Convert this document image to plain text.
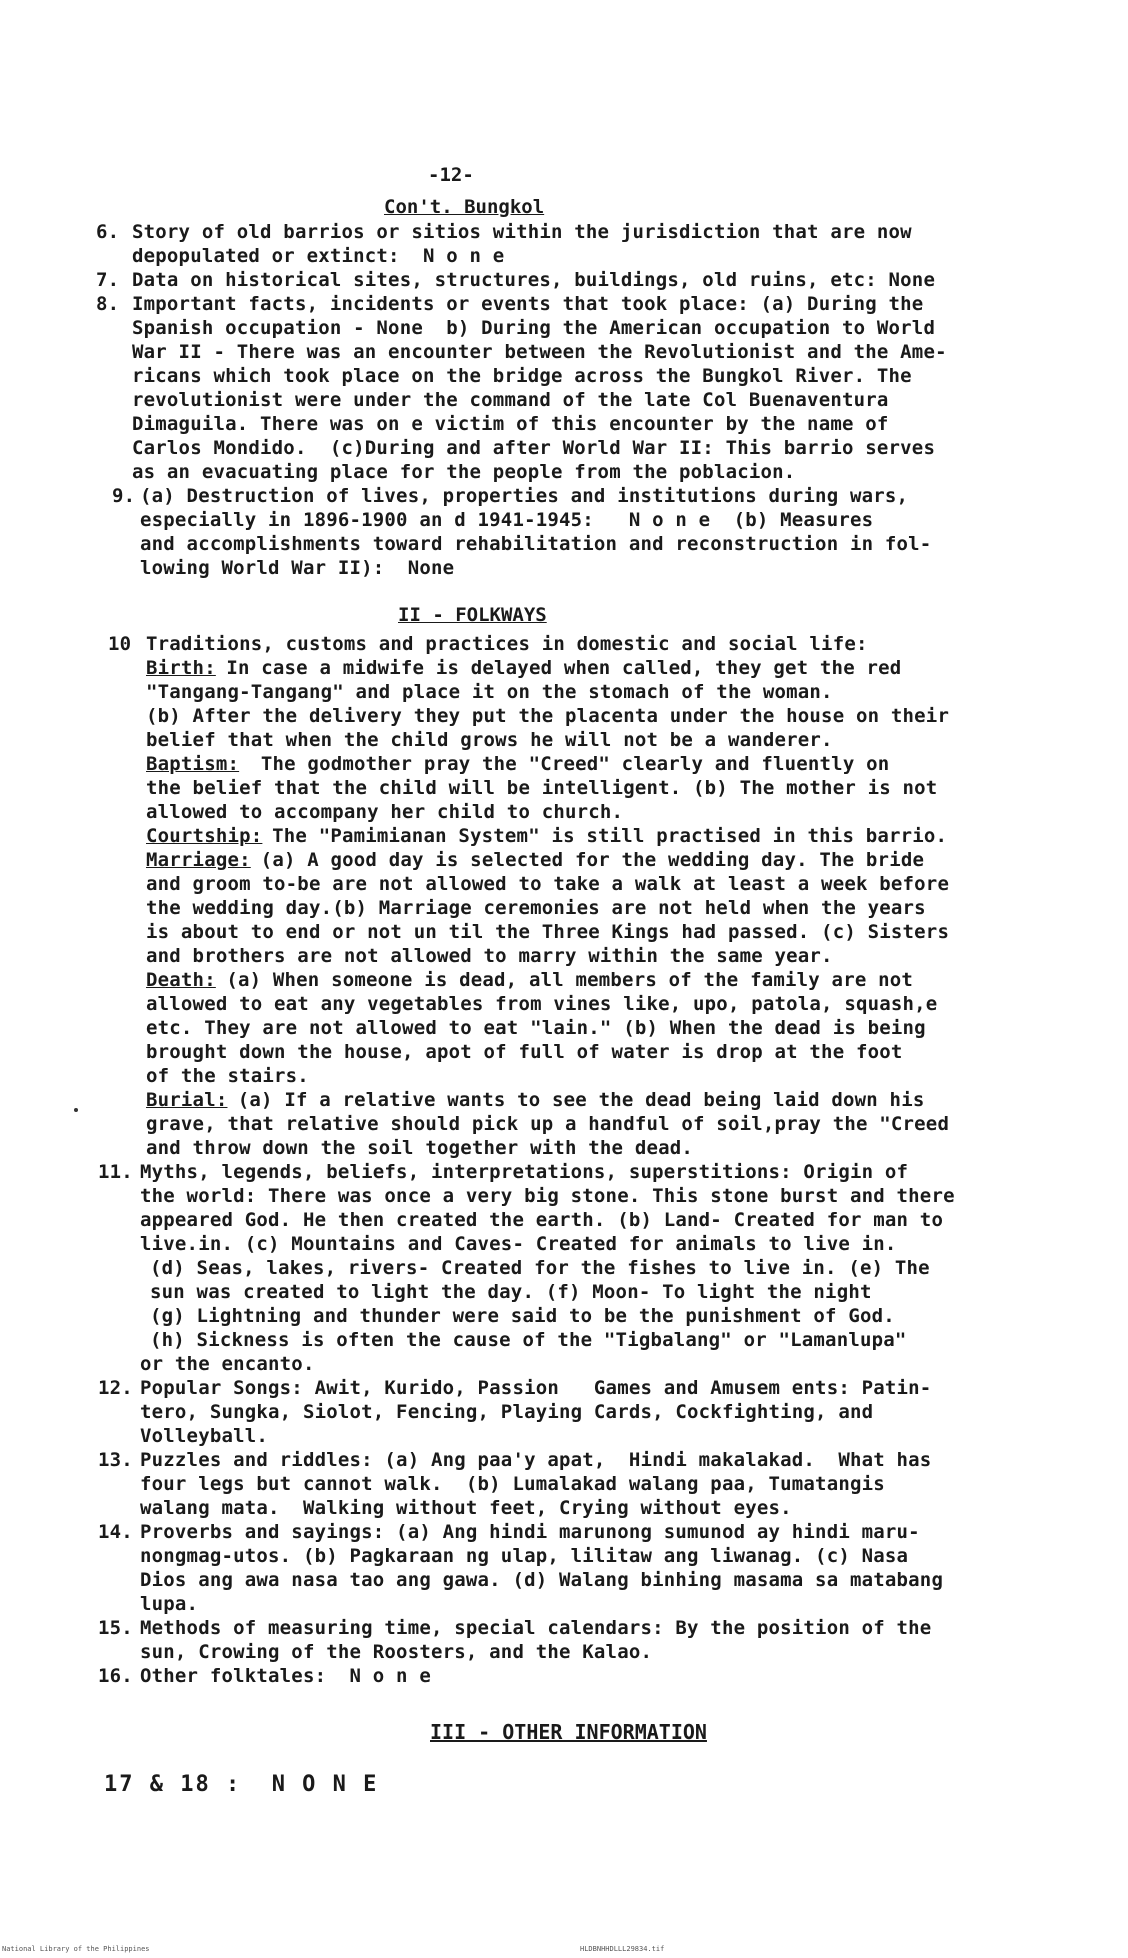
-12-
Con't. Bungkol
6. Story of old barrios or sitios within the jurisdiction that are now
depopulated or extinct:  N o n e
7. Data on historical sites, structures, buildings, old ruins, etc: None
8. Important facts, incidents or events that took place: (a) During the
Spanish occupation - None  b) During the American occupation to World
War II - There was an encounter between the Revolutionist and the Ame-
ricans which took place on the bridge across the Bungkol River. The
revolutionist were under the command of the late Col Buenaventura
Dimaguila. There was on e victim of this encounter by the name of
Carlos Mondido.  (c)During and after World War II: This barrio serves
as an evacuating place for the people from the poblacion.
9. (a) Destruction of lives, properties and institutions during wars,
especially in 1896-1900 an d 1941-1945:   N o n e  (b) Measures
and accomplishments toward rehabilitation and reconstruction in fol-
lowing World War II):  None
II - FOLKWAYS
10 Traditions, customs and practices in domestic and social life:
Birth:
In case a midwife is delayed when called, they get the red
"Tangang-Tangang" and place it on the stomach of the woman.
(b) After the delivery they put the placenta under the house on their
belief that when the child grows he will not be a wanderer.
Baptism:
The godmother pray the "Creed" clearly and fluently on
the belief that the child will be intelligent. (b) The mother is not
allowed to accompany her child to church.
Courtship:
The "Pamimianan System" is still practised in this barrio.
Marriage:
(a) A good day is selected for the wedding day. The bride
and groom to-be are not allowed to take a walk at least a week before
the wedding day.(b) Marriage ceremonies are not held when the years
is about to end or not un til the Three Kings had passed. (c) Sisters
and brothers are not allowed to marry within the same year.
Death:
(a) When someone is dead, all members of the family are not
allowed to eat any vegetables from vines like, upo, patola, squash,e
etc. They are not allowed to eat "lain." (b) When the dead is being
brought down the house, apot of full of water is drop at the foot
of the stairs.
Burial:
(a) If a relative wants to see the dead being laid down his
grave, that relative should pick up a handful of soil,pray the "Creed
and throw down the soil together with the dead.
11. Myths, legends, beliefs, interpretations, superstitions: Origin of
the world: There was once a very big stone. This stone burst and there
appeared God. He then created the earth. (b) Land- Created for man to
live.in. (c) Mountains and Caves- Created for animals to live in.
(d) Seas, lakes, rivers- Created for the fishes to live in. (e) The
sun was created to light the day. (f) Moon- To light the night
(g) Lightning and thunder were said to be the punishment of God.
(h) Sickness is often the cause of the "Tigbalang" or "Lamanlupa"
or the encanto.
12. Popular Songs: Awit, Kurido, Passion   Games and Amusem ents: Patin-
tero, Sungka, Siolot, Fencing, Playing Cards, Cockfighting, and
Volleyball.
13. Puzzles and riddles: (a) Ang paa'y apat,  Hindi makalakad.  What has
four legs but cannot walk.  (b) Lumalakad walang paa, Tumatangis
walang mata.  Walking without feet, Crying without eyes.
14. Proverbs and sayings: (a) Ang hindi marunong sumunod ay hindi maru-
nongmag-utos. (b) Pagkaraan ng ulap, lilitaw ang liwanag. (c) Nasa
Dios ang awa nasa tao ang gawa. (d) Walang binhing masama sa matabang
lupa.
15. Methods of measuring time, special calendars: By the position of the
sun, Crowing of the Roosters, and the Kalao.
16. Other folktales:  N o n e
III - OTHER INFORMATION
17 & 18 :  N O N E
National Library of the Philippines	HLDBNHHDLLL29834.tif
